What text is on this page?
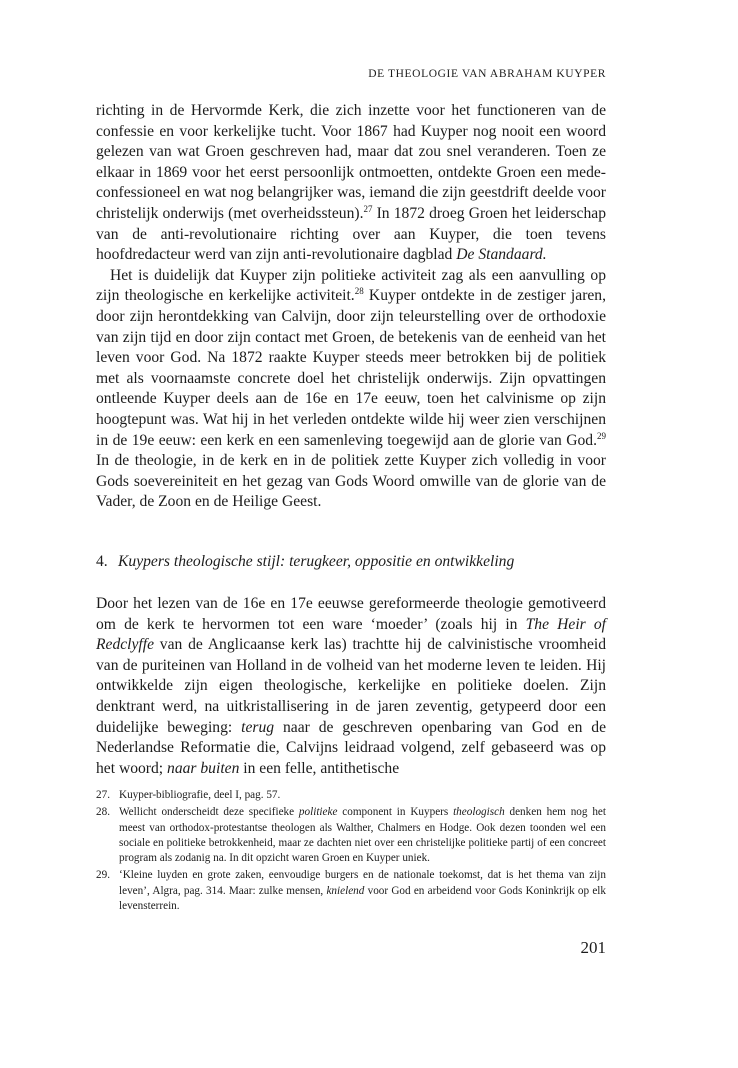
DE THEOLOGIE VAN ABRAHAM KUYPER

richting in de Hervormde Kerk, die zich inzette voor het functioneren van de confessie en voor kerkelijke tucht. Voor 1867 had Kuyper nog nooit een woord gelezen van wat Groen geschreven had, maar dat zou snel veranderen. Toen ze elkaar in 1869 voor het eerst persoonlijk ontmoetten, ontdekte Groen een mede-confessioneel en wat nog belangrijker was, iemand die zijn geestdrift deelde voor christelijk onderwijs (met overheidssteun).$^{27}$ In 1872 droeg Groen het leiderschap van de anti-revolutionaire richting over aan Kuyper, die toen tevens hoofdredacteur werd van zijn anti-revolutionaire dagblad De Standaard.

Het is duidelijk dat Kuyper zijn politieke activiteit zag als een aanvulling op zijn theologische en kerkelijke activiteit.$^{28}$ Kuyper ontdekte in de zestiger jaren, door zijn herontdekking van Calvijn, door zijn teleurstelling over de orthodoxie van zijn tijd en door zijn contact met Groen, de betekenis van de eenheid van het leven voor God. Na 1872 raakte Kuyper steeds meer betrokken bij de politiek met als voornaamste concrete doel het christelijk onderwijs. Zijn opvattingen ontleende Kuyper deels aan de 16e en 17e eeuw, toen het calvinisme op zijn hoogtepunt was. Wat hij in het verleden ontdekte wilde hij weer zien verschijnen in de 19e eeuw: een kerk en een samenleving toegewijd aan de glorie van God.$^{29}$ In de theologie, in de kerk en in de politiek zette Kuyper zich volledig in voor Gods soevereiniteit en het gezag van Gods Woord omwille van de glorie van de Vader, de Zoon en de Heilige Geest.

4. Kuypers theologische stijl: terugkeer, oppositie en ontwikkeling

Door het lezen van de 16e en 17e eeuwse gereformeerde theologie gemotiveerd om de kerk te hervormen tot een ware ‘moeder’ (zoals hij in The Heir of Redclyffe van de Anglicaanse kerk las) trachtte hij de calvinistische vroomheid van de puriteinen van Holland in de volheid van het moderne leven te leiden. Hij ontwikkelde zijn eigen theologische, kerkelijke en politieke doelen. Zijn denktrant werd, na uitkristallisering in de jaren zeventig, getypeerd door een duidelijke beweging: terug naar de geschreven openbaring van God en de Nederlandse Reformatie die, Calvijns leidraad volgend, zelf gebaseerd was op het woord; naar buiten in een felle, antithetische

27. Kuyper-bibliografie, deel I, pag. 57.
28. Wellicht onderscheidt deze specifieke politieke component in Kuypers theologisch denken hem nog het meest van orthodox-protestantse theologen als Walther, Chalmers en Hodge. Ook dezen toonden wel een sociale en politieke betrokkenheid, maar ze dachten niet over een christelijke politieke partij of een concreet program als zodanig na. In dit opzicht waren Groen en Kuyper uniek.
29. ‘Kleine luyden en grote zaken, eenvoudige burgers en de nationale toekomst, dat is het thema van zijn leven’, Algra, pag. 314. Maar: zulke mensen, knielend voor God en arbeidend voor Gods Koninkrijk op elk levensterrein.
201
